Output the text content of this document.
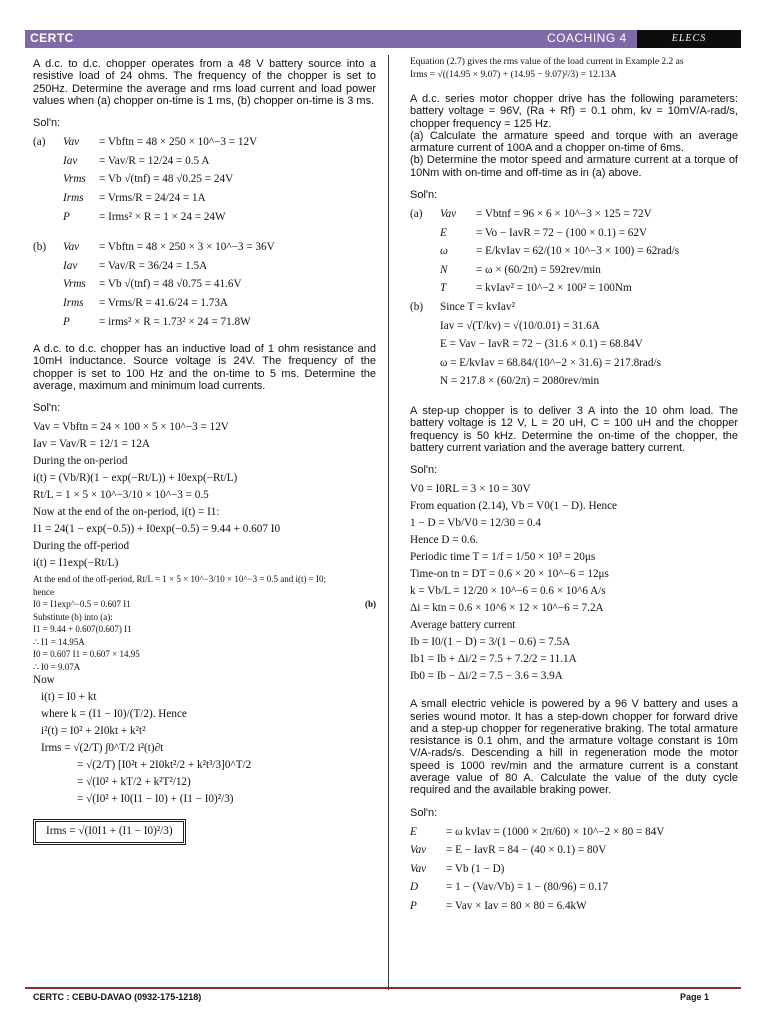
CERTC	COACHING 4	ELECS

A d.c. to d.c. chopper operates from a 48 V battery source into a resistive load of 24 ohms. The frequency of the chopper is set to 250Hz. Determine the average and rms load current and load power values when (a) chopper on-time is 1 ms, (b) chopper on-time is 3 ms.

Sol'n:
(a)	Vav	= Vbftn = 48 × 250 × 10^−3 = 12V
Iav	= Vav/R = 12/24 = 0.5 A
Vrms	= Vb √(tnf) = 48 √0.25 = 24V
Irms	= Vrms/R = 24/24 = 1A
P	= Irms² × R = 1 × 24 = 24W
(b)	Vav	= Vbftn = 48 × 250 × 3 × 10^−3 = 36V
Iav	= Vav/R = 36/24 = 1.5A
Vrms	= Vb √(tnf) = 48 √0.75 = 41.6V
Irms	= Vrms/R = 41.6/24 = 1.73A
P	= irms² × R = 1.73² × 24 = 71.8W

A d.c. to d.c. chopper has an inductive load of 1 ohm resistance and 10mH inductance. Source voltage is 24V. The frequency of the chopper is set to 100 Hz and the on-time to 5 ms. Determine the average, maximum and minimum load currents.

Sol'n:
Vav = Vbftn = 24 × 100 × 5 × 10^−3 = 12V
Iav = Vav/R = 12/1 = 12A
During the on-period
i(t) = (Vb/R)(1 − exp(−Rt/L)) + I0exp(−Rt/L)
Rt/L = 1 × 5 × 10^−3/10 × 10^−3 = 0.5
Now at the end of the on-period, i(t) = I1:
I1 = 24(1 − exp(−0.5)) + I0exp(−0.5) = 9.44 + 0.607 I0
During the off-period
i(t) = I1exp(−Rt/L)
At the end of the off-period, Rt/L = 1 × 5 × 10^−3/10 × 10^−3 = 0.5 and i(t) = I0;
hence
I0 = I1exp^−0.5 = 0.607 I1	(b)
Substitute (b) into (a):
I1 = 9.44 + 0.607(0.607) I1
∴ I1 = 14.95A
I0 = 0.607 I1 = 0.607 × 14.95
∴ I0 = 9.07A
Now
i(t) = I0 + kt
where k = (I1 − I0)/(T/2). Hence
i²(t) = I0² + 2I0kt + k²t²
Irms = √(2/T) ∫0^T/2 i²(t)∂t
= √(2/T) [I0²t + 2I0kt²/2 + k²t³/3]0^T/2
= √(I0² + kT/2 + k²T²/12)
= √(I0² + I0(I1 − I0) + (I1 − I0)²/3)
Irms = √(I0I1 + (I1 − I0)²/3)
Equation (2.7) gives the rms value of the load current in Example 2.2 as
Irms = √((14.95 × 9.07) + (14.95 − 9.07)²/3) = 12.13A

A d.c. series motor chopper drive has the following parameters: battery voltage = 96V, (Ra + Rf) = 0.1 ohm, kv = 10mV/A-rad/s, chopper frequency = 125 Hz.
(a) Calculate the armature speed and torque with an average armature current of 100A and a chopper on-time of 6ms.
(b) Determine the motor speed and armature current at a torque of 10Nm with on-time and off-time as in (a) above.

Sol'n:
(a)	Vav	= Vbtnf = 96 × 6 × 10^−3 × 125 = 72V
E	= Vo − IavR = 72 − (100 × 0.1) = 62V
ω	= E/kvIav = 62/(10 × 10^−3 × 100) = 62rad/s
N	= ω × (60/2π) = 592rev/min
T	= kvIav² = 10^−2 × 100² = 100Nm
(b)	Since T = kvIav²
Iav = √(T/kv) = √(10/0.01) = 31.6A
E = Vav − IavR = 72 − (31.6 × 0.1) = 68.84V
ω = E/kvIav = 68.84/(10^−2 × 31.6) = 217.8rad/s
N = 217.8 × (60/2π) = 2080rev/min

A step-up chopper is to deliver 3 A into the 10 ohm load. The battery voltage is 12 V, L = 20 uH, C = 100 uH and the chopper frequency is 50 kHz. Determine the on-time of the chopper, the battery current variation and the average battery current.

Sol'n:
V0 = I0RL = 3 × 10 = 30V
From equation (2.14), Vb = V0(1 − D). Hence
1 − D = Vb/V0 = 12/30 = 0.4
Hence D = 0.6.
Periodic time T = 1/f = 1/50 × 10³ = 20μs
Time-on tn = DT = 0.6 × 20 × 10^−6 = 12μs
k = Vb/L = 12/20 × 10^−6 = 0.6 × 10^6 A/s
Δi = ktn = 0.6 × 10^6 × 12 × 10^−6 = 7.2A
Average battery current
Ib = I0/(1 − D) = 3/(1 − 0.6) = 7.5A
Ib1 = Ib + Δi/2 = 7.5 + 7.2/2 = 11.1A
Ib0 = Ib − Δi/2 = 7.5 − 3.6 = 3.9A

A small electric vehicle is powered by a 96 V battery and uses a series wound motor. It has a step-down chopper for forward drive and a step-up chopper for regenerative braking. The total armature resistance is 0.1 ohm, and the armature voltage constant is 10m V/A-rads/s. Descending a hill in regeneration mode the motor speed is 1000 rev/min and the armature current is a constant average value of 80 A. Calculate the value of the duty cycle required and the available braking power.

Sol'n:
E	= ω kvIav = (1000 × 2π/60) × 10^−2 × 80 = 84V
Vav	= E − IavR = 84 − (40 × 0.1) = 80V
Vav	= Vb (1 − D)
D	= 1 − (Vav/Vb) = 1 − (80/96) = 0.17
P	= Vav × Iav = 80 × 80 = 6.4kW
CERTC : CEBU-DAVAO (0932-175-1218)	Page 1
